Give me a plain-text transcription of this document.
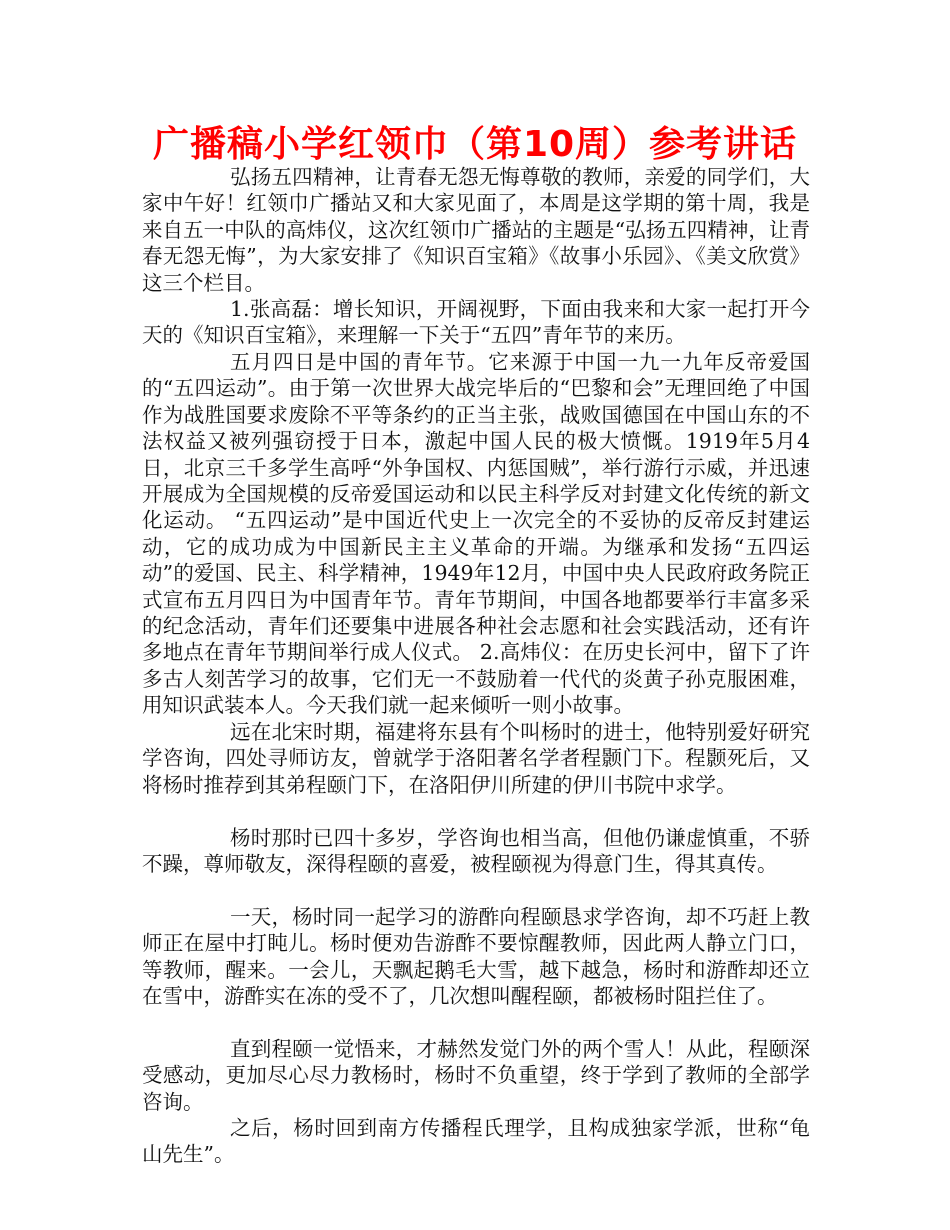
广播稿小学红领巾（第10周）参考讲话

弘扬五四精神，让青春无怨无悔尊敬的教师，亲爱的同学们，大家中午好！红领巾广播站又和大家见面了，本周是这学期的第十周，我是来自五一中队的高炜仪，这次红领巾广播站的主题是“弘扬五四精神，让青春无怨无悔”，为大家安排了《知识百宝箱》《故事小乐园》、《美文欣赏》这三个栏目。

1.张高磊：增长知识，开阔视野，下面由我来和大家一起打开今天的《知识百宝箱》，来理解一下关于“五四”青年节的来历。

五月四日是中国的青年节。它来源于中国一九一九年反帝爱国的“五四运动”。由于第一次世界大战完毕后的“巴黎和会”无理回绝了中国作为战胜国要求废除不平等条约的正当主张，战败国德国在中国山东的不法权益又被列强窃授于日本，激起中国人民的极大愤慨。1919年5月4日，北京三千多学生高呼“外争国权、内惩国贼”，举行游行示威，并迅速开展成为全国规模的反帝爱国运动和以民主科学反对封建文化传统的新文化运动。 “五四运动”是中国近代史上一次完全的不妥协的反帝反封建运动，它的成功成为中国新民主主义革命的开端。为继承和发扬“五四运动”的爱国、民主、科学精神，1949年12月，中国中央人民政府政务院正式宣布五月四日为中国青年节。青年节期间，中国各地都要举行丰富多采的纪念活动，青年们还要集中进展各种社会志愿和社会实践活动，还有许多地点在青年节期间举行成人仪式。 2.高炜仪：在历史长河中，留下了许多古人刻苦学习的故事，它们无一不鼓励着一代代的炎黄子孙克服困难，用知识武装本人。今天我们就一起来倾听一则小故事。

远在北宋时期，福建将东县有个叫杨时的进士，他特别爱好研究学咨询，四处寻师访友，曾就学于洛阳著名学者程颢门下。程颢死后，又将杨时推荐到其弟程颐门下，在洛阳伊川所建的伊川书院中求学。

杨时那时已四十多岁，学咨询也相当高，但他仍谦虚慎重，不骄不躁，尊师敬友，深得程颐的喜爱，被程颐视为得意门生，得其真传。

一天，杨时同一起学习的游酢向程颐恳求学咨询，却不巧赶上教师正在屋中打盹儿。杨时便劝告游酢不要惊醒教师，因此两人静立门口，等教师，醒来。一会儿，天飘起鹅毛大雪，越下越急，杨时和游酢却还立在雪中，游酢实在冻的受不了，几次想叫醒程颐，都被杨时阻拦住了。

直到程颐一觉悟来，才赫然发觉门外的两个雪人！从此，程颐深受感动，更加尽心尽力教杨时，杨时不负重望，终于学到了教师的全部学咨询。

之后，杨时回到南方传播程氏理学，且构成独家学派，世称“龟山先生”。
